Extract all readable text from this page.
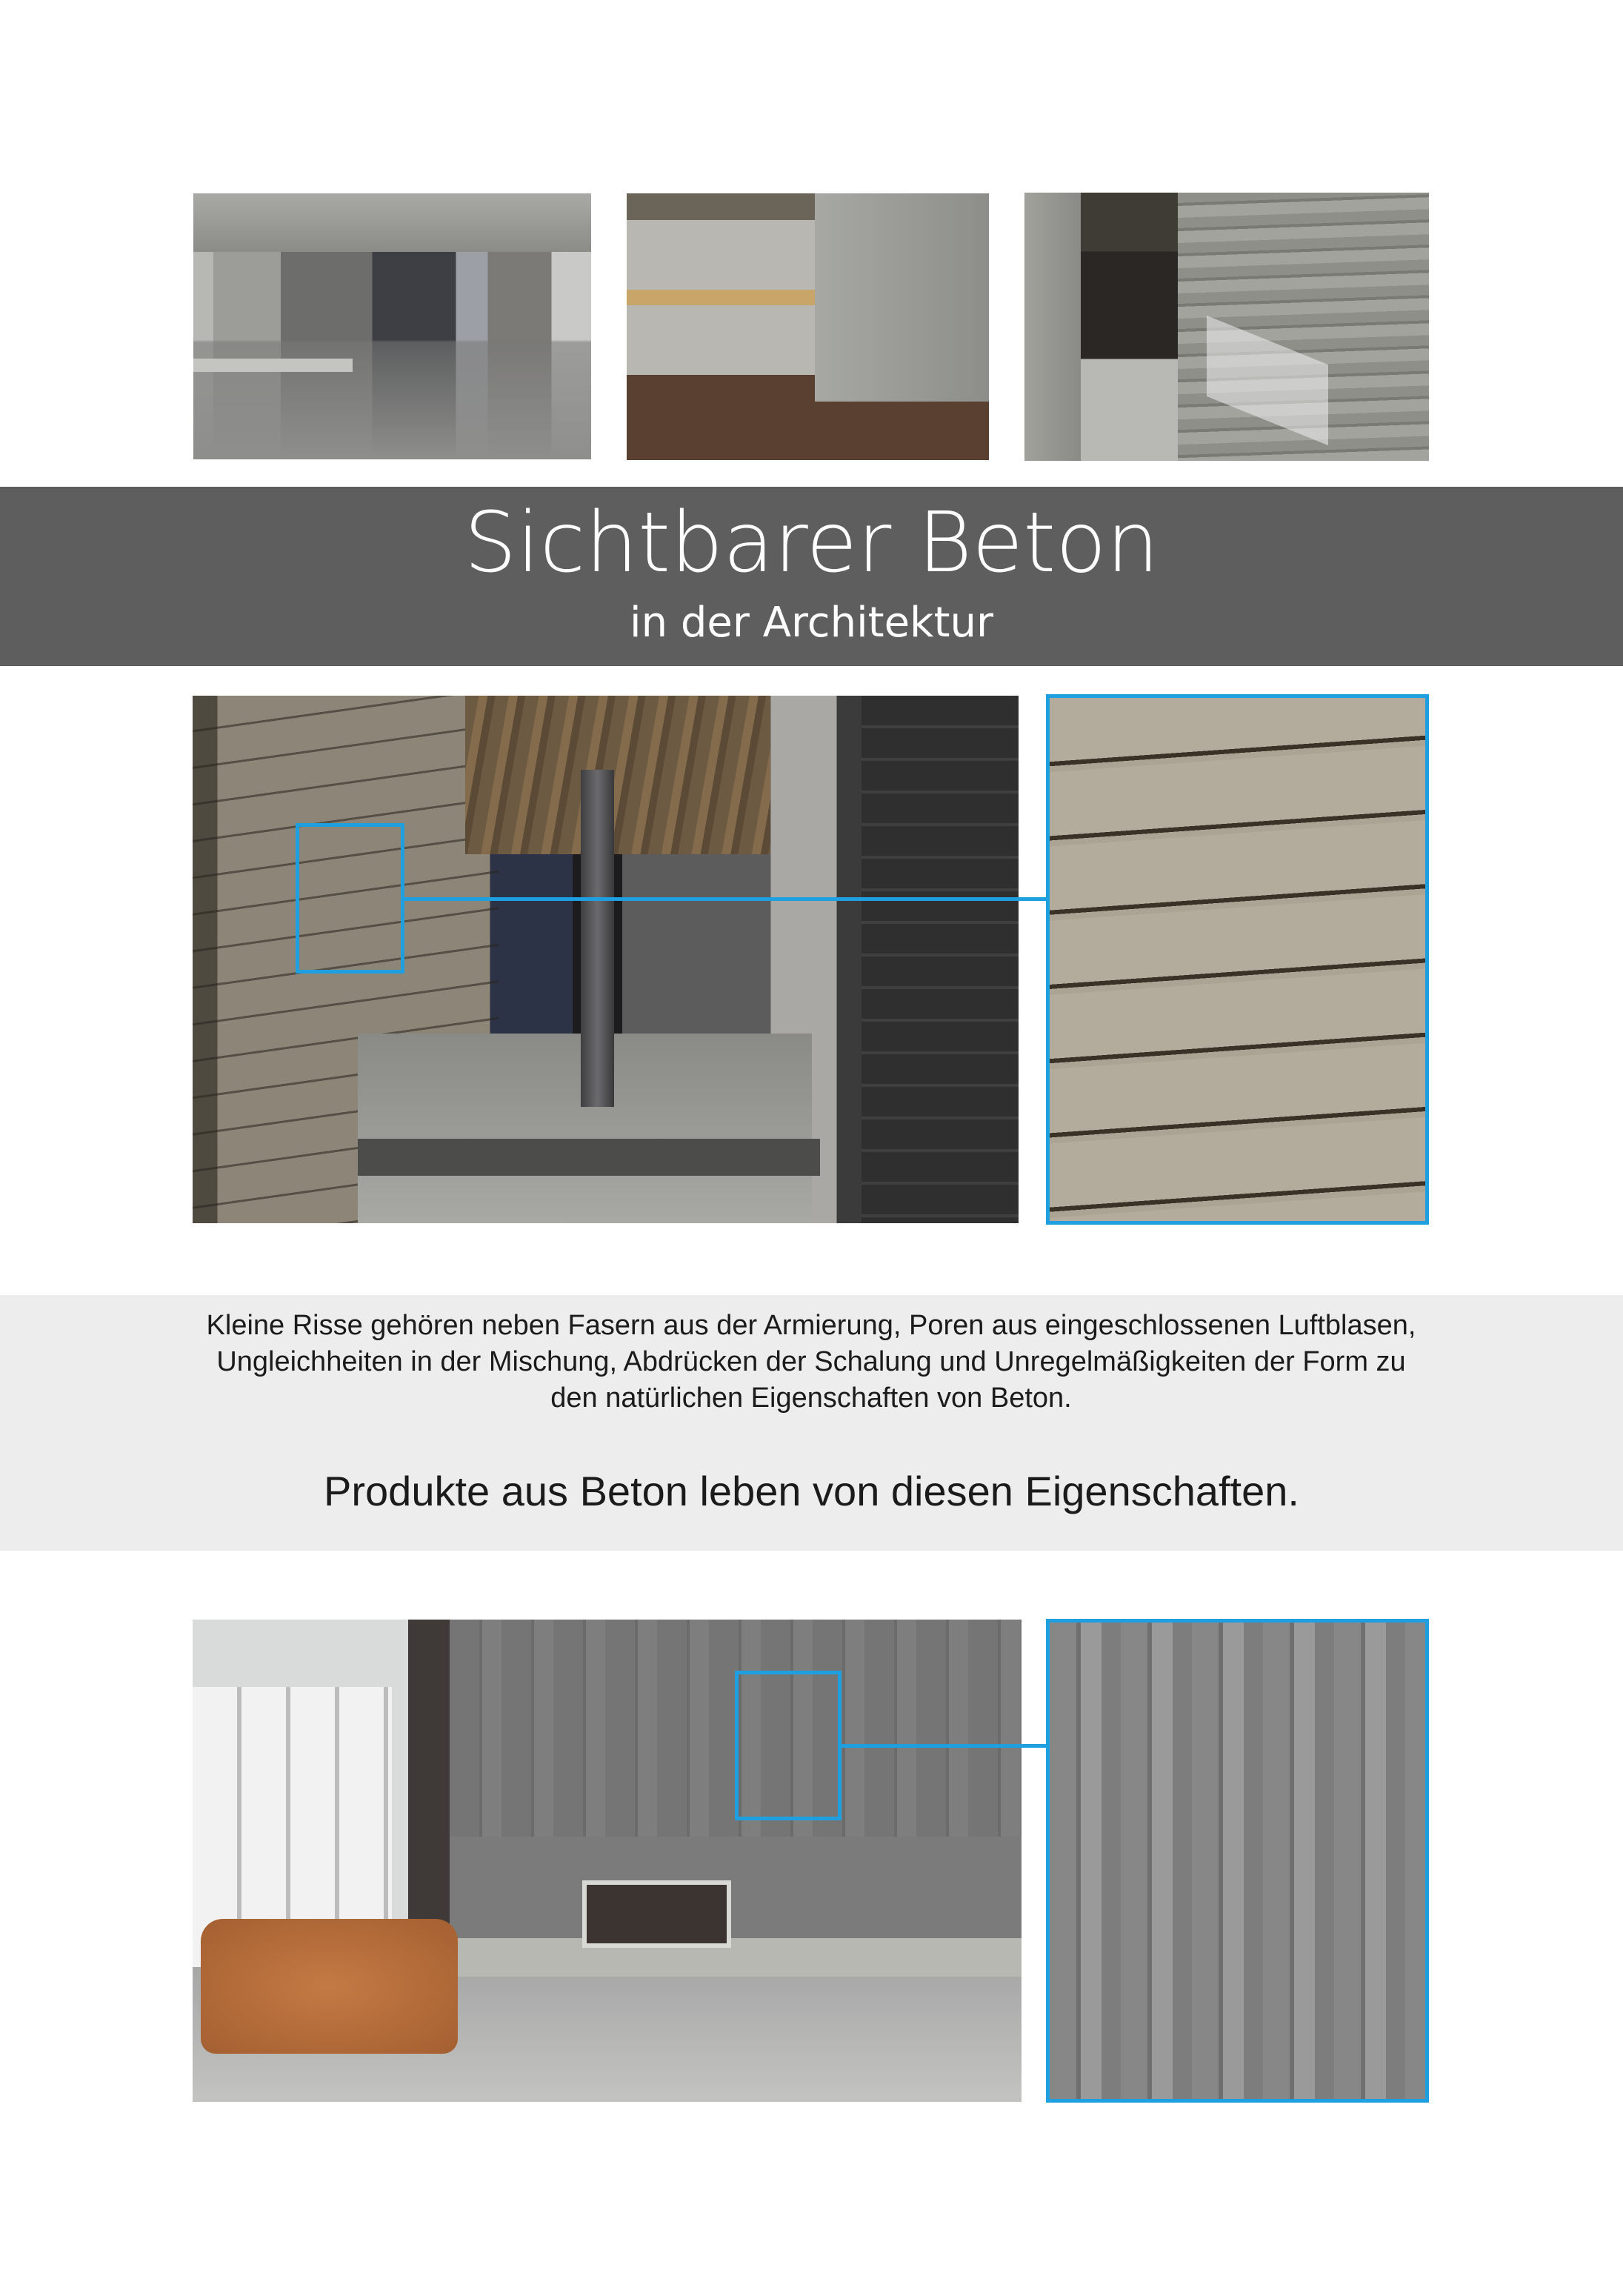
Sichtbarer Beton
in der Architektur
Kleine Risse gehören neben Fasern aus der Armierung, Poren aus eingeschlossenen Luftblasen, Ungleichheiten in der Mischung, Abdrücken der Schalung und Unregelmäßigkeiten der Form zu den natürlichen Eigenschaften von Beton.
Produkte aus Beton leben von diesen Eigenschaften.
